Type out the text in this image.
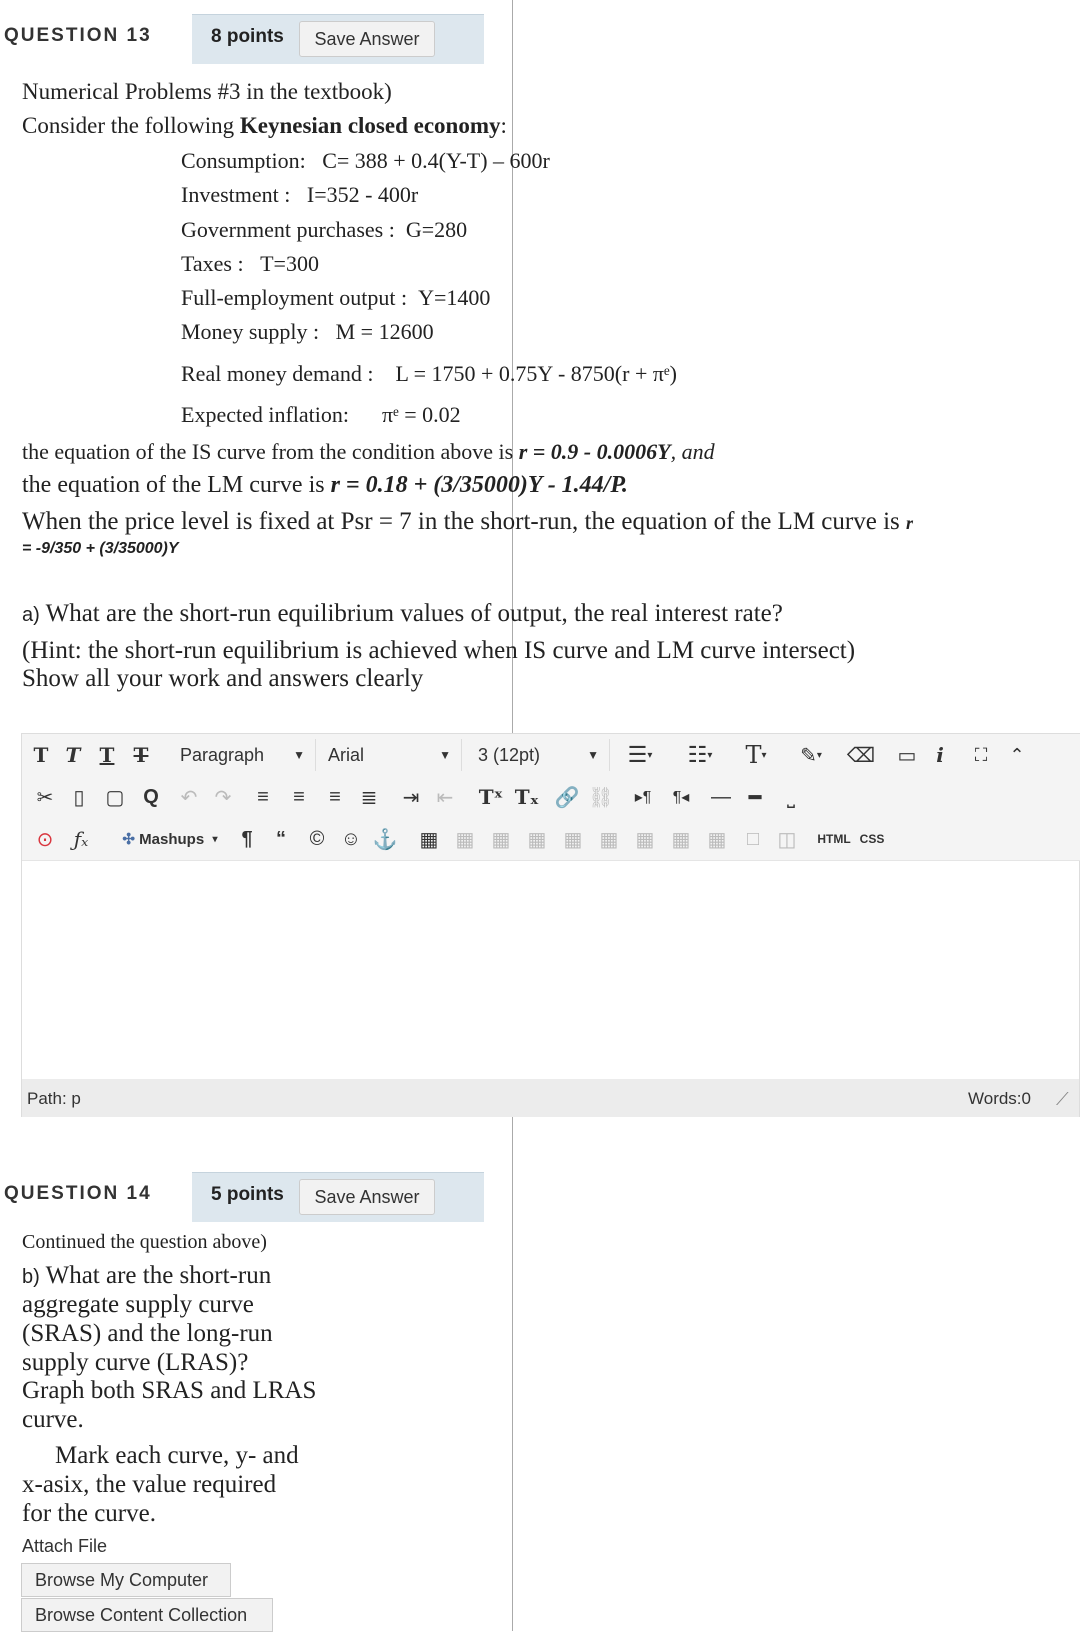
QUESTION 13	8 points	Save Answer
Numerical Problems #3 in the textbook)
Consider the following Keynesian closed economy:
Consumption: C= 388 + 0.4(Y-T) – 600r
Investment : I=352 - 400r
Government purchases : G=280
Taxes : T=300
Full-employment output : Y=1400
Money supply : M = 12600
Real money demand : L = 1750 + 0.75Y - 8750(r + πᵉ)
Expected inflation: πᵉ = 0.02
the equation of the IS curve from the condition above is r = 0.9 - 0.0006Y, and
the equation of the LM curve is r = 0.18 + (3/35000)Y - 1.44/P.
When the price level is fixed at Psr = 7 in the short-run, the equation of the LM curve is r
= -9/350 + (3/35000)Y
a) What are the short-run equilibrium values of output, the real interest rate?
(Hint: the short-run equilibrium is achieved when IS curve and LM curve intersect)
Show all your work and answers clearly
T T T T	Paragraph ▼	Arial	▼	3 (12pt)	▼	☰ ▾	☷ ▾	T ▾	✎ ▾ ⌫ ▭ i	⛶	⌃
✂	▯	▢ Q	↶ ↷	≡	≡	≡ ≣	⇥ ⇤	Tˣ Tₓ 🔗 ⛓	▸¶	¶◂	— ━	⎵
⊙	ƒₓ	✣
Mashups
▾	¶	“	© ☺ ⚓ ▦ ▦ ▦ ▦ ▦ ▦ ▦ ▦ ▦	□ ◫	HTML CSS
Path: p	Words:0 ⟋
QUESTION 14	5 points	Save Answer
Continued the question above)
b) What are the short-run
aggregate supply curve
(SRAS) and the long-run
supply curve (LRAS)?
Graph both SRAS and LRAS
curve.
Mark each curve, y- and
x-asix, the value required
for the curve.
Attach File
Browse My Computer
Browse Content Collection
